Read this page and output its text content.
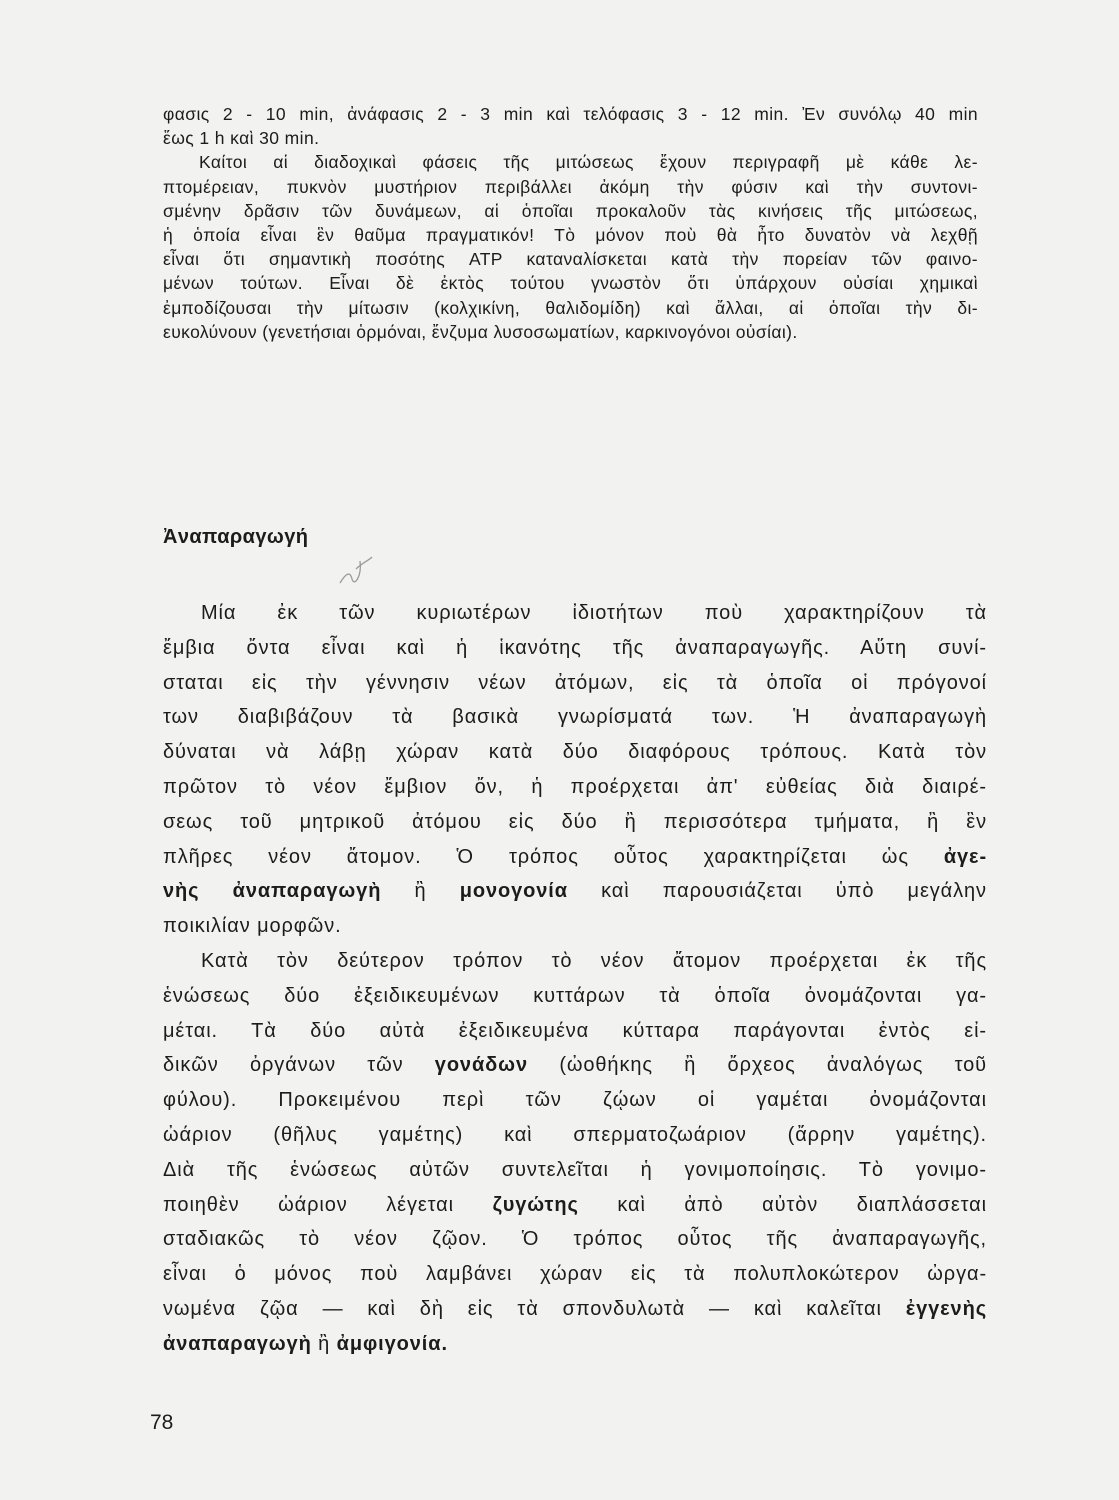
φασις 2 - 10 min, ἀνάφασις 2 - 3 min καὶ τελόφασις 3 - 12 min. Ἐν συνόλῳ 40 min
ἕως 1 h καὶ 30 min.
Καίτοι αἱ διαδοχικαὶ φάσεις τῆς μιτώσεως ἔχουν περιγραφῆ μὲ κάθε λε-
πτομέρειαν, πυκνὸν μυστήριον περιβάλλει ἀκόμη τὴν φύσιν καὶ τὴν συντονι-
σμένην δρᾶσιν τῶν δυνάμεων, αἱ ὁποῖαι προκαλοῦν τὰς κινήσεις τῆς μιτώσεως,
ἡ ὁποία εἶναι ἓν θαῦμα πραγματικόν! Τὸ μόνον ποὺ θὰ ἦτο δυνατὸν νὰ λεχθῇ
εἶναι ὅτι σημαντικὴ ποσότης ATP καταναλίσκεται κατὰ τὴν πορείαν τῶν φαινο-
μένων τούτων. Εἶναι δὲ ἐκτὸς τούτου γνωστὸν ὅτι ὑπάρχουν οὐσίαι χημικαὶ
ἐμποδίζουσαι τὴν μίτωσιν (κολχικίνη, θαλιδομίδη) καὶ ἄλλαι, αἱ ὁποῖαι τὴν δι-
ευκολύνουν (γενετήσιαι ὁρμόναι, ἔνζυμα λυσοσωματίων, καρκινογόνοι οὐσίαι).
Ἀναπαραγωγή
Μία ἐκ τῶν κυριωτέρων ἰδιοτήτων ποὺ χαρακτηρίζουν τὰ
ἔμβια ὄντα εἶναι καὶ ἡ ἱκανότης τῆς ἀναπαραγωγῆς. Αὕτη συνί-
σταται εἰς τὴν γέννησιν νέων ἀτόμων, εἰς τὰ ὁποῖα οἱ πρόγονοί
των διαβιβάζουν τὰ βασικὰ γνωρίσματά των. Ἡ ἀναπαραγωγὴ
δύναται νὰ λάβῃ χώραν κατὰ δύο διαφόρους τρόπους. Κατὰ τὸν
πρῶτον τὸ νέον ἔμβιον ὄν, ἡ προέρχεται ἀπ' εὐθείας διὰ διαιρέ-
σεως τοῦ μητρικοῦ ἀτόμου εἰς δύο ἢ περισσότερα τμήματα, ἢ ἓν
πλῆρες νέον ἄτομον. Ὁ τρόπος οὗτος χαρακτηρίζεται ὡς ἀγε-
νὴς ἀναπαραγωγὴ ἢ μονογονία καὶ παρουσιάζεται ὑπὸ μεγάλην
ποικιλίαν μορφῶν.
Κατὰ τὸν δεύτερον τρόπον τὸ νέον ἄτομον προέρχεται ἐκ τῆς
ἑνώσεως δύο ἐξειδικευμένων κυττάρων τὰ ὁποῖα ὀνομάζονται γα-
μέται. Τὰ δύο αὐτὰ ἐξειδικευμένα κύτταρα παράγονται ἐντὸς εἰ-
δικῶν ὀργάνων τῶν γονάδων (ὠοθήκης ἢ ὄρχεος ἀναλόγως τοῦ
φύλου). Προκειμένου περὶ τῶν ζῴων οἱ γαμέται ὀνομάζονται
ὠάριον (θῆλυς γαμέτης) καὶ σπερματοζωάριον (ἄρρην γαμέτης).
Διὰ τῆς ἑνώσεως αὐτῶν συντελεῖται ἡ γονιμοποίησις. Τὸ γονιμο-
ποιηθὲν ὠάριον λέγεται ζυγώτης καὶ ἀπὸ αὐτὸν διαπλάσσεται
σταδιακῶς τὸ νέον ζῷον. Ὁ τρόπος οὗτος τῆς ἀναπαραγωγῆς,
εἶναι ὁ μόνος ποὺ λαμβάνει χώραν εἰς τὰ πολυπλοκώτερον ὠργα-
νωμένα ζῷα — καὶ δὴ εἰς τὰ σπονδυλωτὰ — καὶ καλεῖται ἐγγενὴς
ἀναπαραγωγὴ ἢ ἀμφιγονία.
78
